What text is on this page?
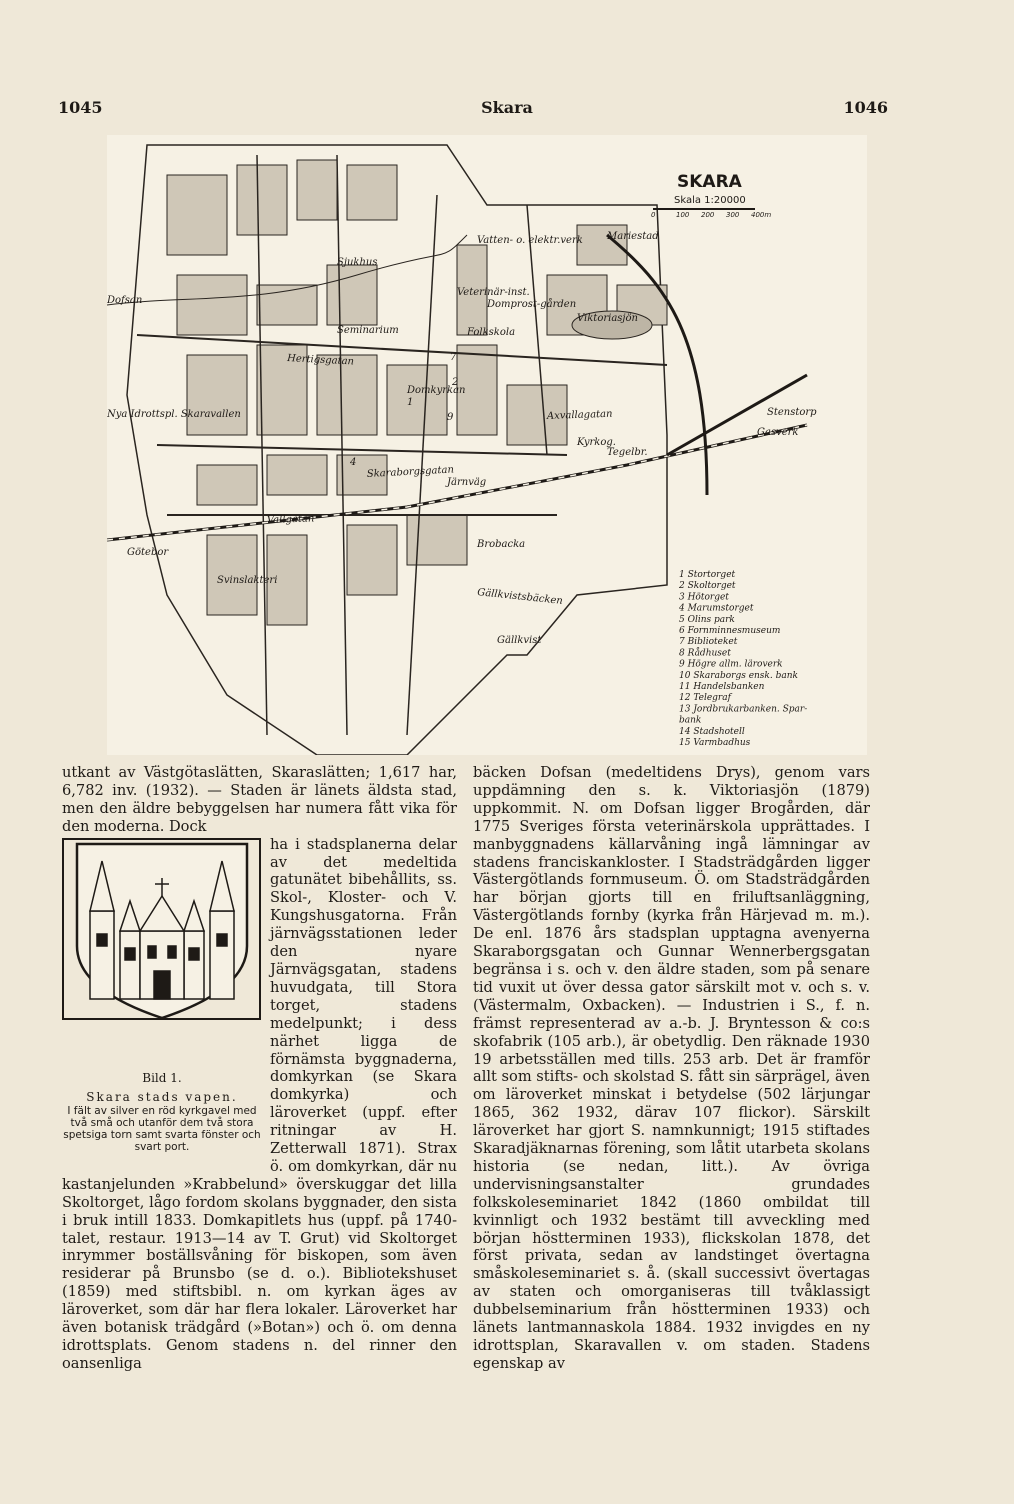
1045	Skara	1046
SKARA
Skala 1:20000
0	100 200 300 400m
Vatten- o. elektr.verk
Dofsan
Nya Idrottspl. Skaravallen
Kyrkog.
Tegelbr.
Viktoriasjön
Domkyrkan
Folkskola
Seminarium
Veterinär-inst.
Domprost-gården
Järnväg
Gällkvist
Svinslakteri
Brobacka
Gasverk
Mariestad
Stenstorp
Götebor
Sjukhus
Skaraborgsgatan
Vallgatan
Hertigsgatan
Axvallagatan
Gällkvistsbäcken
1
2
4
7
9
1 Stortorget
2 Skoltorget
3 Hötorget
4 Marumstorget
5 Olins park
6 Fornminnesmuseum
7 Biblioteket
8 Rådhuset
9 Högre allm. läroverk
10 Skaraborgs ensk. bank
11 Handelsbanken
12 Telegraf
13 Jordbrukarbanken. Spar-
bank
14 Stadshotell
15 Varmbadhus

utkant av Västgötaslätten, Skaraslätten; 1,617 har, 6,782 inv. (1932). — Staden är länets äldsta stad, men den äldre bebyggelsen har numera fått vika för den moderna. Dock

Bild 1.
Skara stads vapen.
I fält av silver en röd kyrkgavel med två små och utanför dem två stora spetsiga torn samt svarta fönster och svart port.
ha i stadsplanerna delar av det medeltida gatunätet bibehållits, ss. Skol-, Kloster- och V. Kungshusgatorna. Från järnvägsstationen leder den nyare Järnvägsgatan, stadens huvudgata, till Stora torget, stadens medelpunkt; i dess närhet ligga de förnämsta byggnaderna, domkyrkan (se Skara domkyrka) och läroverket (uppf. efter ritningar av H. Zetterwall 1871). Strax ö. om domkyrkan, där nu kastanjelunden »Krabbelund» överskuggar det lilla Skoltorget, lågo fordom skolans byggnader, den sista i bruk intill 1833. Domkapitlets hus (uppf. på 1740-talet, restaur. 1913—14 av T. Grut) vid Skoltorget inrymmer boställsvåning för biskopen, som även residerar på Brunsbo (se d. o.). Bibliotekshuset (1859) med stiftsbibl. n. om kyrkan äges av läroverket, som där har flera lokaler. Läroverket har även botanisk trädgård (»Botan») och ö. om denna idrottsplats. Genom stadens n. del rinner den oansenliga

bäcken Dofsan (medeltidens Drys), genom vars uppdämning den s. k. Viktoriasjön (1879) uppkommit. N. om Dofsan ligger Brogården, där 1775 Sveriges första veterinärskola upprättades. I manbyggnadens källarvåning ingå lämningar av stadens franciskankloster. I Stadsträdgården ligger Västergötlands fornmuseum. Ö. om Stadsträdgården har början gjorts till en friluftsanläggning, Västergötlands fornby (kyrka från Härjevad m. m.). De enl. 1876 års stadsplan upptagna avenyerna Skaraborgsgatan och Gunnar Wennerbergsgatan begränsa i s. och v. den äldre staden, som på senare tid vuxit ut över dessa gator särskilt mot v. och s. v. (Västermalm, Oxbacken). — Industrien i S., f. n. främst representerad av a.-b. J. Bryntesson & co:s skofabrik (105 arb.), är obetydlig. Den räknade 1930 19 arbetsställen med tills. 253 arb. Det är framför allt som stifts- och skolstad S. fått sin särprägel, även om läroverket minskat i betydelse (502 lärjungar 1865, 362 1932, därav 107 flickor). Särskilt läroverket har gjort S. namnkunnigt; 1915 stiftades Skaradjäknarnas förening, som låtit utarbeta skolans historia (se nedan, litt.). Av övriga undervisningsanstalter grundades folkskoleseminariet 1842 (1860 ombildat till kvinnligt och 1932 bestämt till avveckling med början höstterminen 1933), flickskolan 1878, det först privata, sedan av landstinget övertagna småskoleseminariet s. å. (skall successivt övertagas av staten och omorganiseras till tvåklassigt dubbelseminarium från höstterminen 1933) och länets lantmannaskola 1884. 1932 invigdes en ny idrottsplan, Skaravallen v. om staden. Stadens egenskap av
